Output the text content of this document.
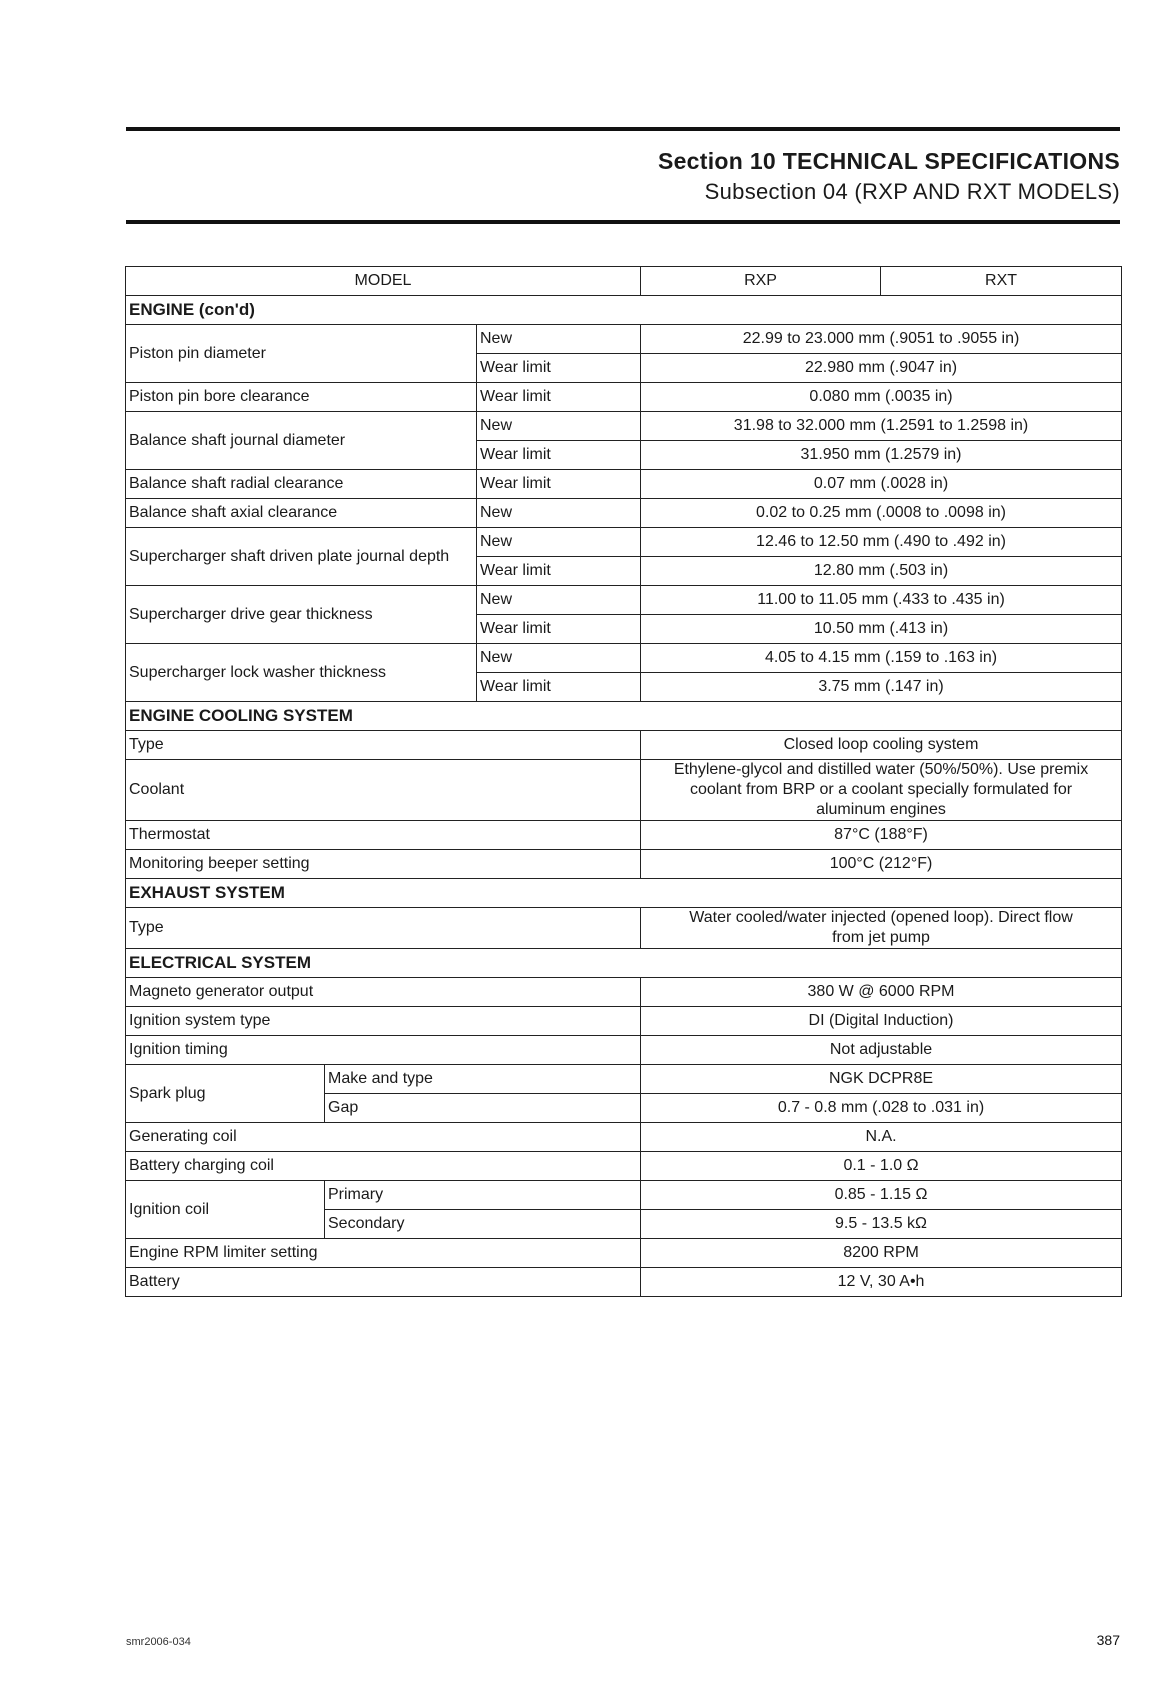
Section 10 TECHNICAL SPECIFICATIONS
Subsection 04 (RXP AND RXT MODELS)
MODEL			RXP	RXT
ENGINE (con'd)				
Piston pin diameter		New	22.99 to 23.000 mm (.9051 to .9055 in)	
		Wear limit	22.980 mm (.9047 in)	
Piston pin bore clearance		Wear limit	0.080 mm (.0035 in)	
Balance shaft journal diameter		New	31.98 to 32.000 mm (1.2591 to 1.2598 in)	
		Wear limit	31.950 mm (1.2579 in)	
Balance shaft radial clearance		Wear limit	0.07 mm (.0028 in)	
Balance shaft axial clearance		New	0.02 to 0.25 mm (.0008 to .0098 in)	
Supercharger shaft driven plate journal depth		New	12.46 to 12.50 mm (.490 to .492 in)	
		Wear limit	12.80 mm (.503 in)	
Supercharger drive gear thickness		New	11.00 to 11.05 mm (.433 to .435 in)	
		Wear limit	10.50 mm (.413 in)	
Supercharger lock washer thickness		New	4.05 to 4.15 mm (.159 to .163 in)	
		Wear limit	3.75 mm (.147 in)	
ENGINE COOLING SYSTEM				
Type			Closed loop cooling system	
Coolant			Ethylene-glycol and distilled water (50%/50%). Use premix coolant from BRP or a coolant specially formulated for aluminum engines	
Thermostat			87°C (188°F)	
Monitoring beeper setting			100°C (212°F)	
EXHAUST SYSTEM				
Type			Water cooled/water injected (opened loop). Direct flow from jet pump	
ELECTRICAL SYSTEM				
Magneto generator output			380 W @ 6000 RPM	
Ignition system type			DI (Digital Induction)	
Ignition timing			Not adjustable	
Spark plug	Make and type		NGK DCPR8E	
	Gap		0.7 - 0.8 mm (.028 to .031 in)	
Generating coil			N.A.	
Battery charging coil			0.1 - 1.0 Ω	
Ignition coil	Primary		0.85 - 1.15 Ω	
	Secondary		9.5 - 13.5 kΩ	
Engine RPM limiter setting			8200 RPM	
Battery			12 V, 30 A•h	
smr2006-034	387
